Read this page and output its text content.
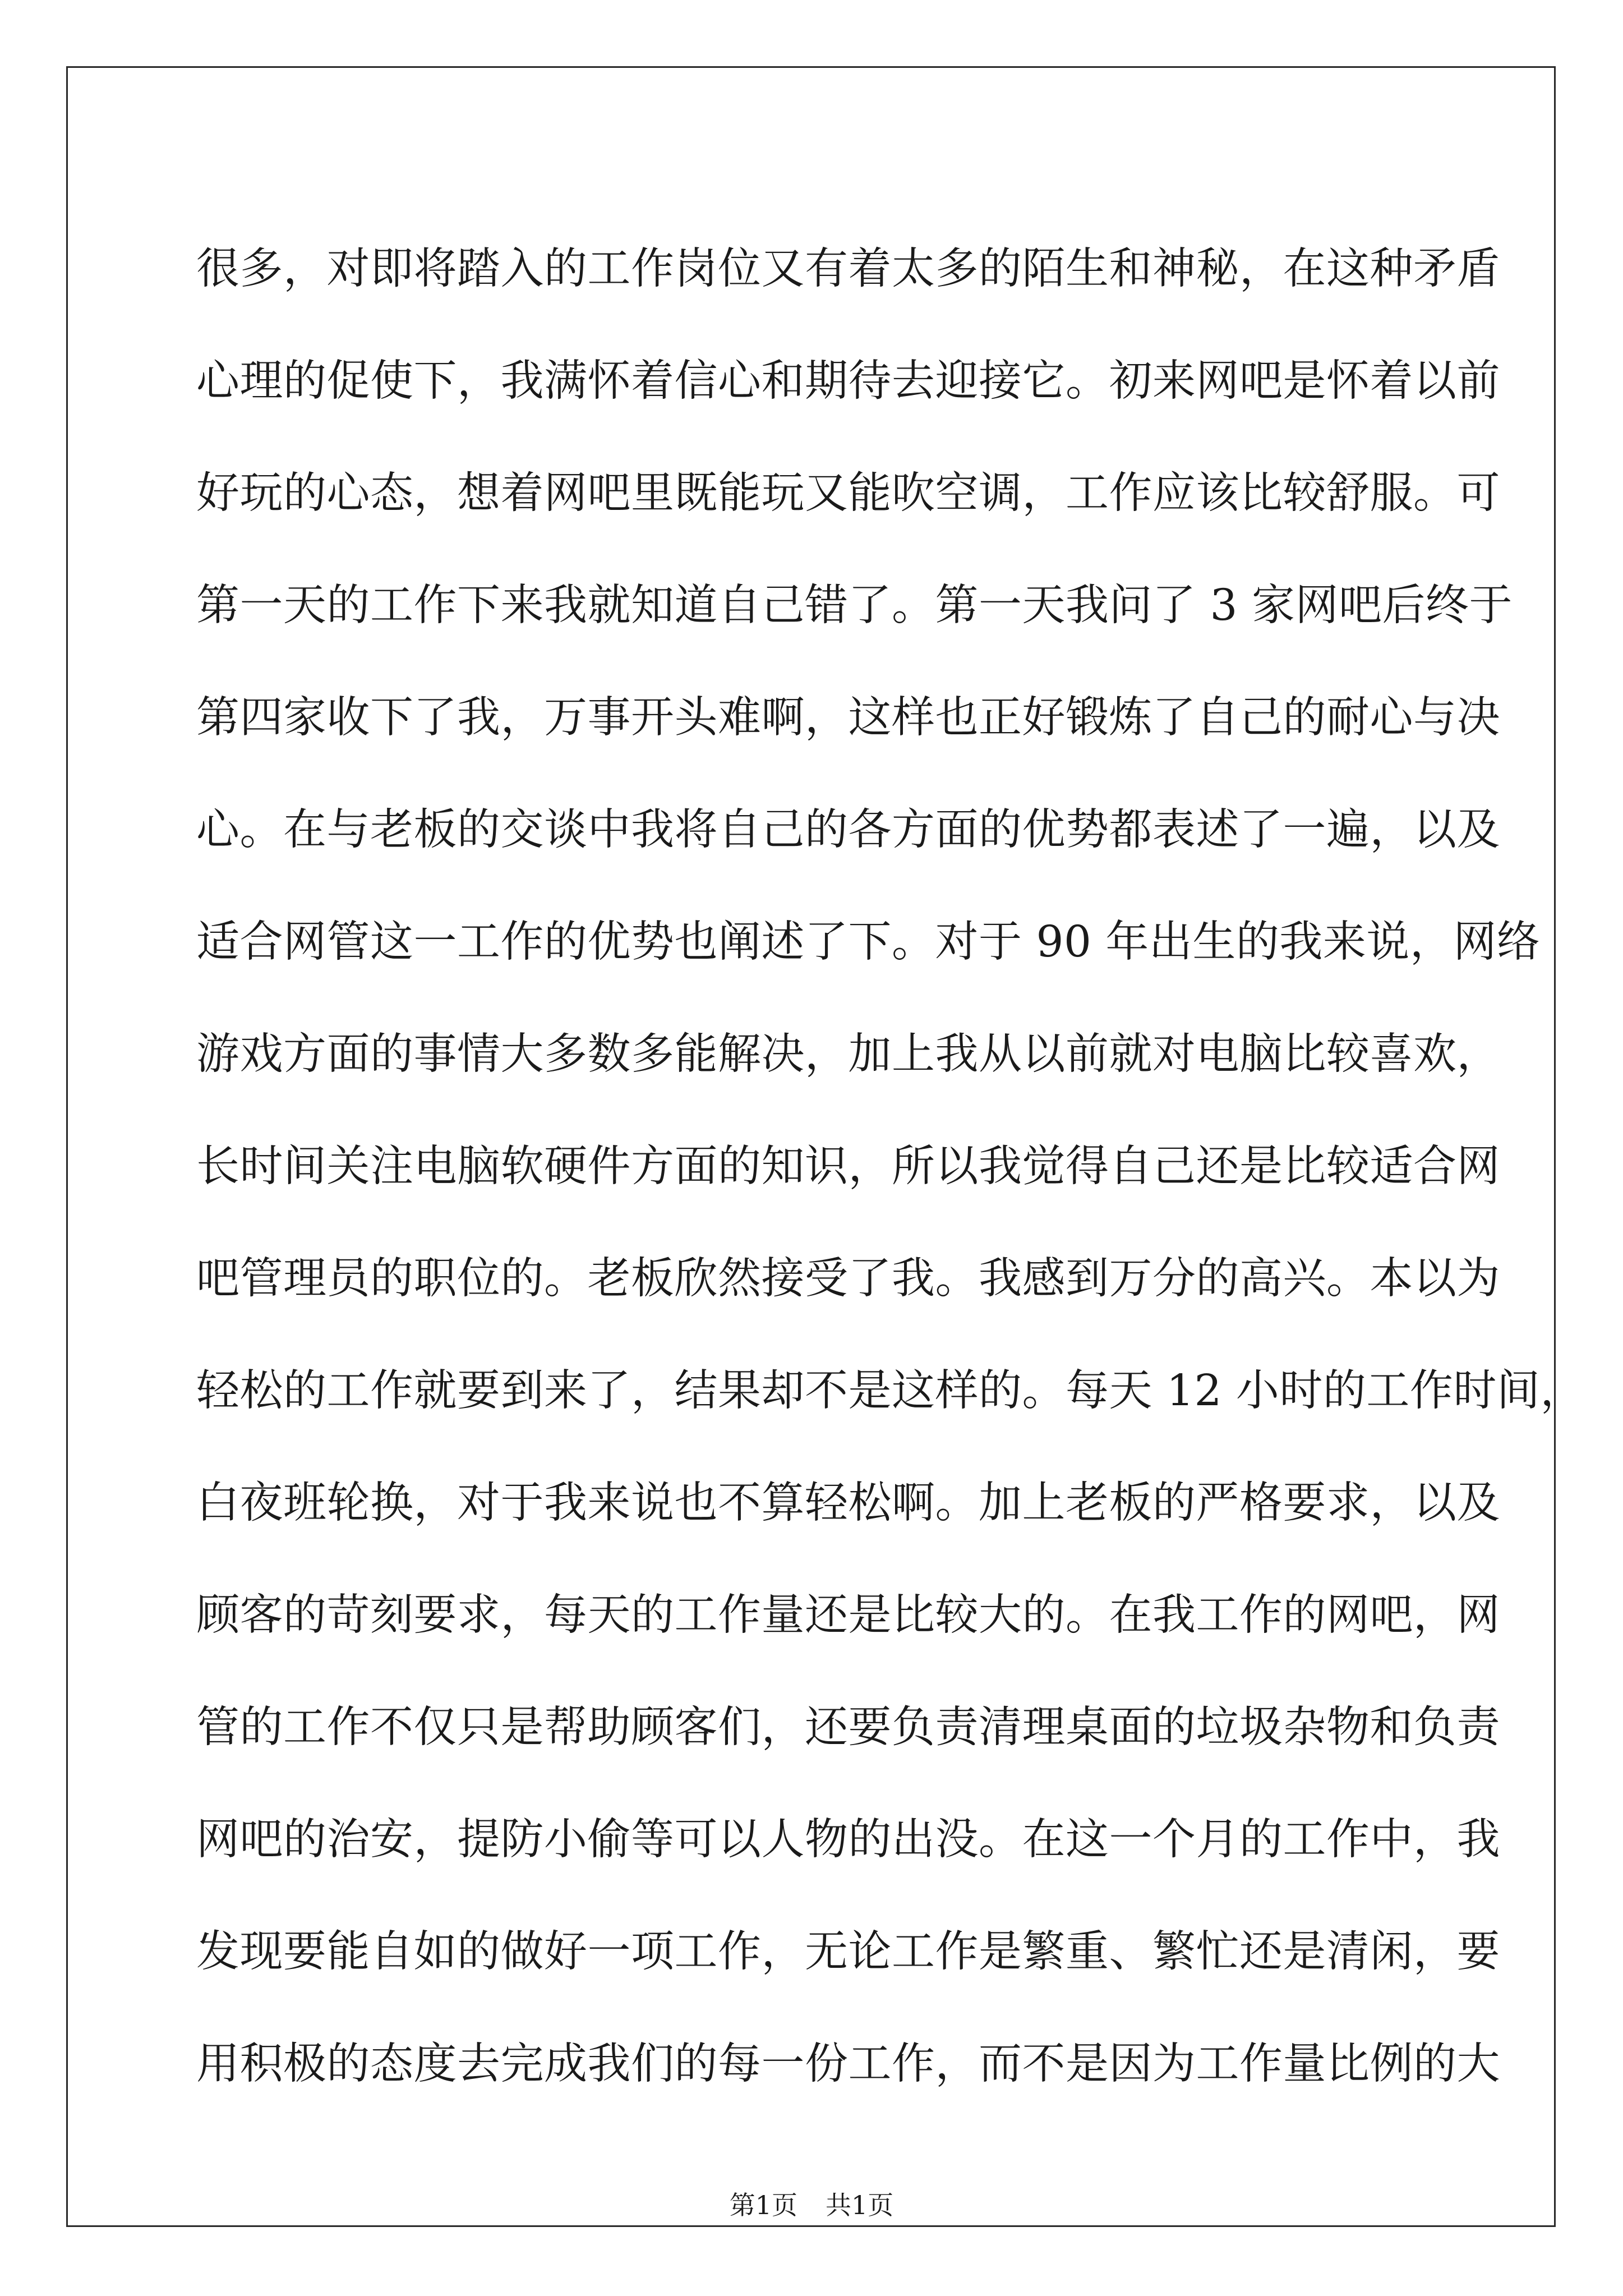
很多，对即将踏入的工作岗位又有着太多的陌生和神秘，在这种矛盾
心理的促使下，我满怀着信心和期待去迎接它。初来网吧是怀着以前
好玩的心态，想着网吧里既能玩又能吹空调，工作应该比较舒服。可
第一天的工作下来我就知道自己错了。第一天我问了 3 家网吧后终于
第四家收下了我，万事开头难啊，这样也正好锻炼了自己的耐心与决
心。在与老板的交谈中我将自己的各方面的优势都表述了一遍，以及
适合网管这一工作的优势也阐述了下。对于 90 年出生的我来说，网络
游戏方面的事情大多数多能解决，加上我从以前就对电脑比较喜欢，
长时间关注电脑软硬件方面的知识，所以我觉得自己还是比较适合网
吧管理员的职位的。老板欣然接受了我。我感到万分的高兴。本以为
轻松的工作就要到来了，结果却不是这样的。每天 12 小时的工作时间，
白夜班轮换，对于我来说也不算轻松啊。加上老板的严格要求，以及
顾客的苛刻要求，每天的工作量还是比较大的。在我工作的网吧，网
管的工作不仅只是帮助顾客们，还要负责清理桌面的垃圾杂物和负责
网吧的治安，提防小偷等可以人物的出没。在这一个月的工作中，我
发现要能自如的做好一项工作，无论工作是繁重、繁忙还是清闲，要
用积极的态度去完成我们的每一份工作，而不是因为工作量比例的大
第1页 共1页
